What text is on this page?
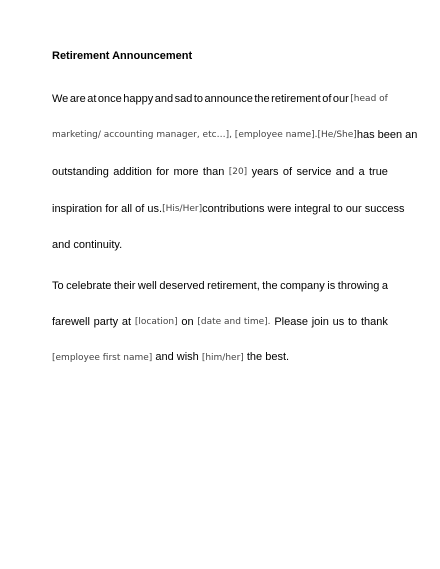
Retirement Announcement
We are at once happy and sad to announce the retirement of our [head of
marketing/ accounting manager, etc…], [employee name]. [He/She] has been an
outstanding addition for more than [20] years of service and a true
inspiration for all of us. [His/Her] contributions were integral to our success
and continuity.
To celebrate their well deserved retirement, the company is throwing a
farewell party at [location] on [date and time]. Please join us to thank
[employee first name] and wish [him/her] the best.
